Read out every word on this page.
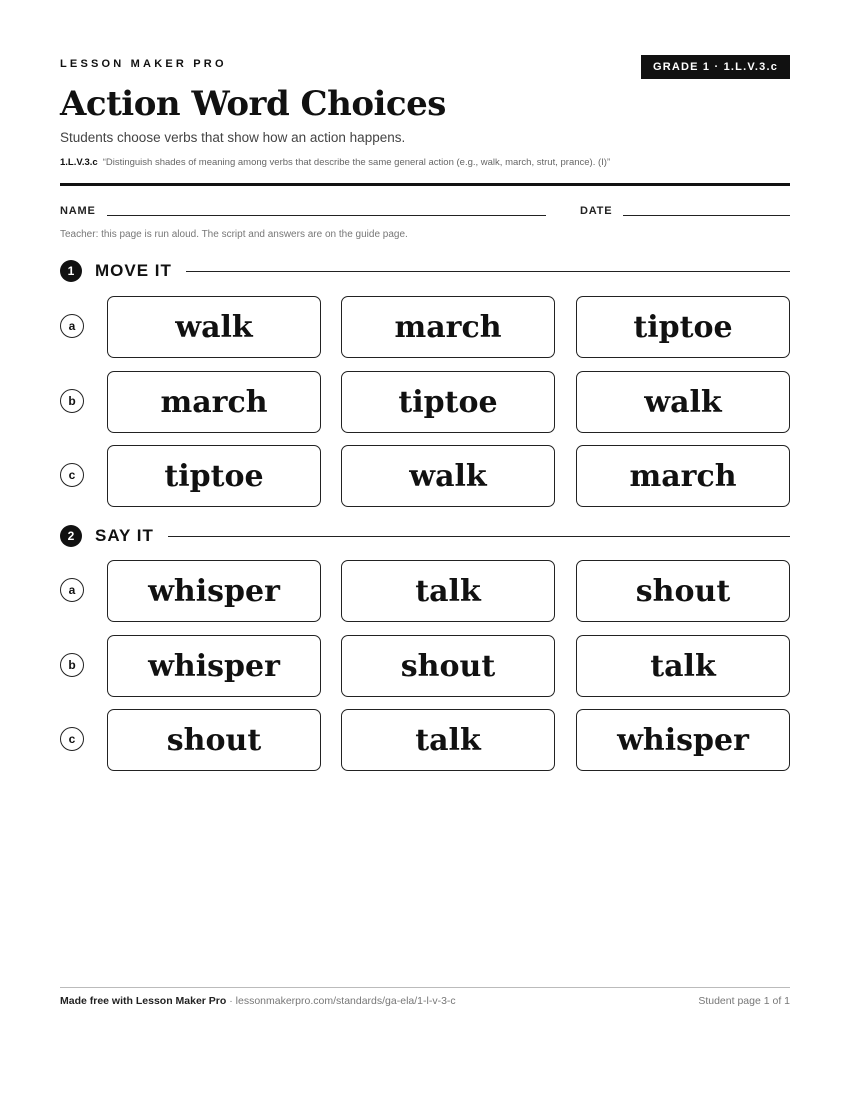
LESSON MAKER PRO	GRADE 1 · 1.L.V.3.c
Action Word Choices
Students choose verbs that show how an action happens.
1.L.V.3.c “Distinguish shades of meaning among verbs that describe the same general action (e.g., walk, march, strut, prance). (I)”
NAME	DATE
Teacher: this page is run aloud. The script and answers are on the guide page.
1	MOVE IT
a	walk	march	tiptoe
b	march	tiptoe	walk
c	tiptoe	walk	march
2	SAY IT
a	whisper	talk	shout
b	whisper	shout	talk
c	shout	talk	whisper
Made free with Lesson Maker Pro · lessonmakerpro.com/standards/ga-ela/1-l-v-3-c	Student page 1 of 1
